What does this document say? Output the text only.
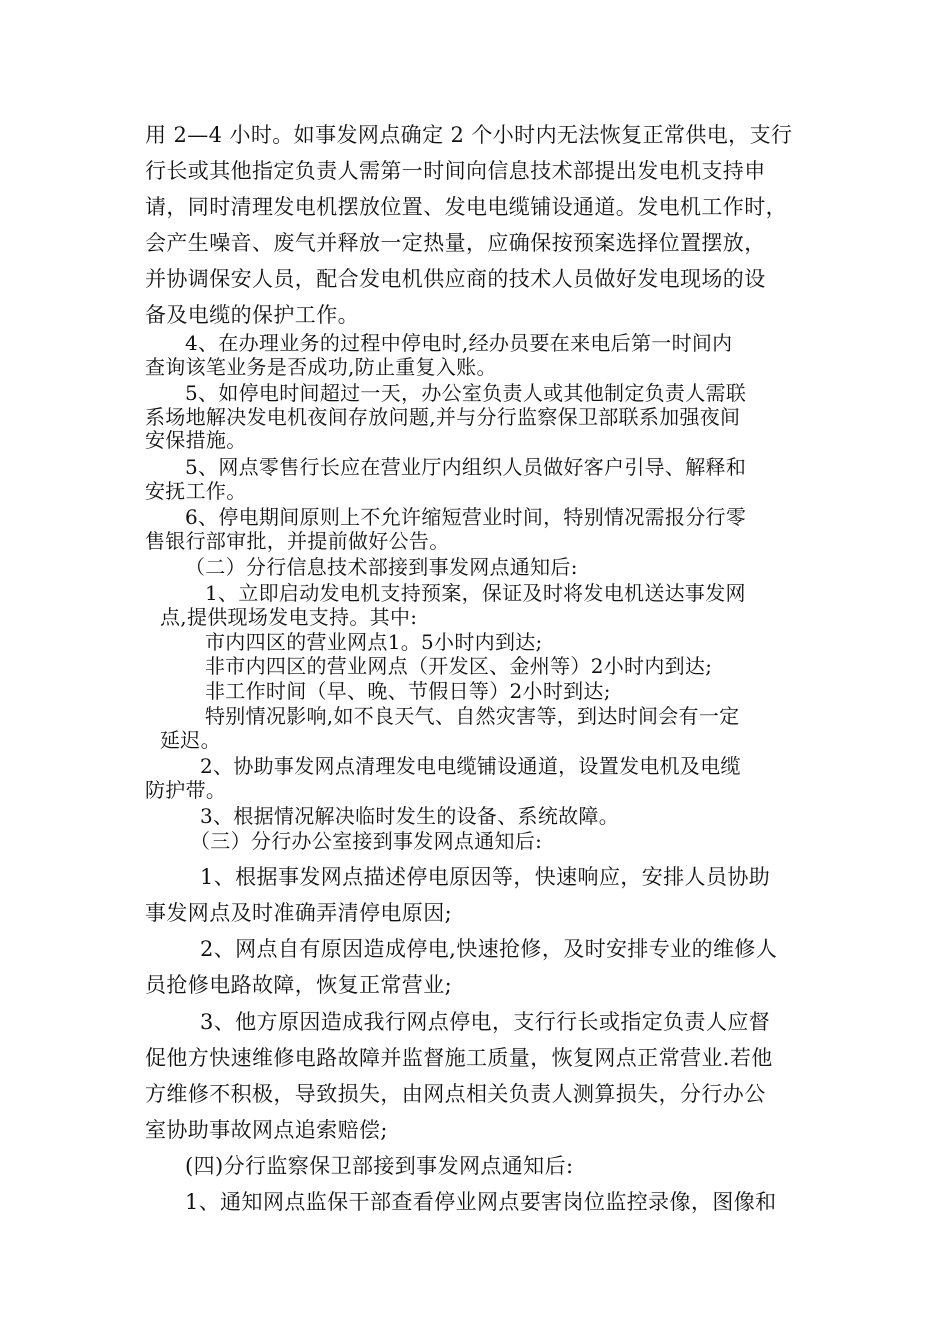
用 2—4 小时。如事发网点确定 2 个小时内无法恢复正常供电，支行

行长或其他指定负责人需第一时间向信息技术部提出发电机支持申

请，同时清理发电机摆放位置、发电电缆铺设通道。发电机工作时，

会产生噪音、废气并释放一定热量，应确保按预案选择位置摆放，

并协调保安人员，配合发电机供应商的技术人员做好发电现场的设

备及电缆的保护工作。

4、在办理业务的过程中停电时,经办员要在来电后第一时间内

查询该笔业务是否成功,防止重复入账。

5、如停电时间超过一天，办公室负责人或其他制定负责人需联

系场地解决发电机夜间存放问题,并与分行监察保卫部联系加强夜间

安保措施。

5、网点零售行长应在营业厅内组织人员做好客户引导、解释和

安抚工作。

6、停电期间原则上不允许缩短营业时间，特别情况需报分行零

售银行部审批，并提前做好公告。

（二）分行信息技术部接到事发网点通知后:

1、立即启动发电机支持预案，保证及时将发电机送达事发网

点,提供现场发电支持。其中:

市内四区的营业网点1。5小时内到达;

非市内四区的营业网点（开发区、金州等）2小时内到达;

非工作时间（早、晚、节假日等）2小时到达;

特别情况影响,如不良天气、自然灾害等，到达时间会有一定

延迟。

2、协助事发网点清理发电电缆铺设通道，设置发电机及电缆

防护带。

3、根据情况解决临时发生的设备、系统故障。

（三）分行办公室接到事发网点通知后:

1、根据事发网点描述停电原因等，快速响应，安排人员协助

事发网点及时准确弄清停电原因;

2、网点自有原因造成停电,快速抢修，及时安排专业的维修人

员抢修电路故障，恢复正常营业;

3、他方原因造成我行网点停电，支行行长或指定负责人应督

促他方快速维修电路故障并监督施工质量，恢复网点正常营业.若他

方维修不积极，导致损失，由网点相关负责人测算损失，分行办公

室协助事故网点追索赔偿;

(四)分行监察保卫部接到事发网点通知后:

1、通知网点监保干部查看停业网点要害岗位监控录像，图像和
